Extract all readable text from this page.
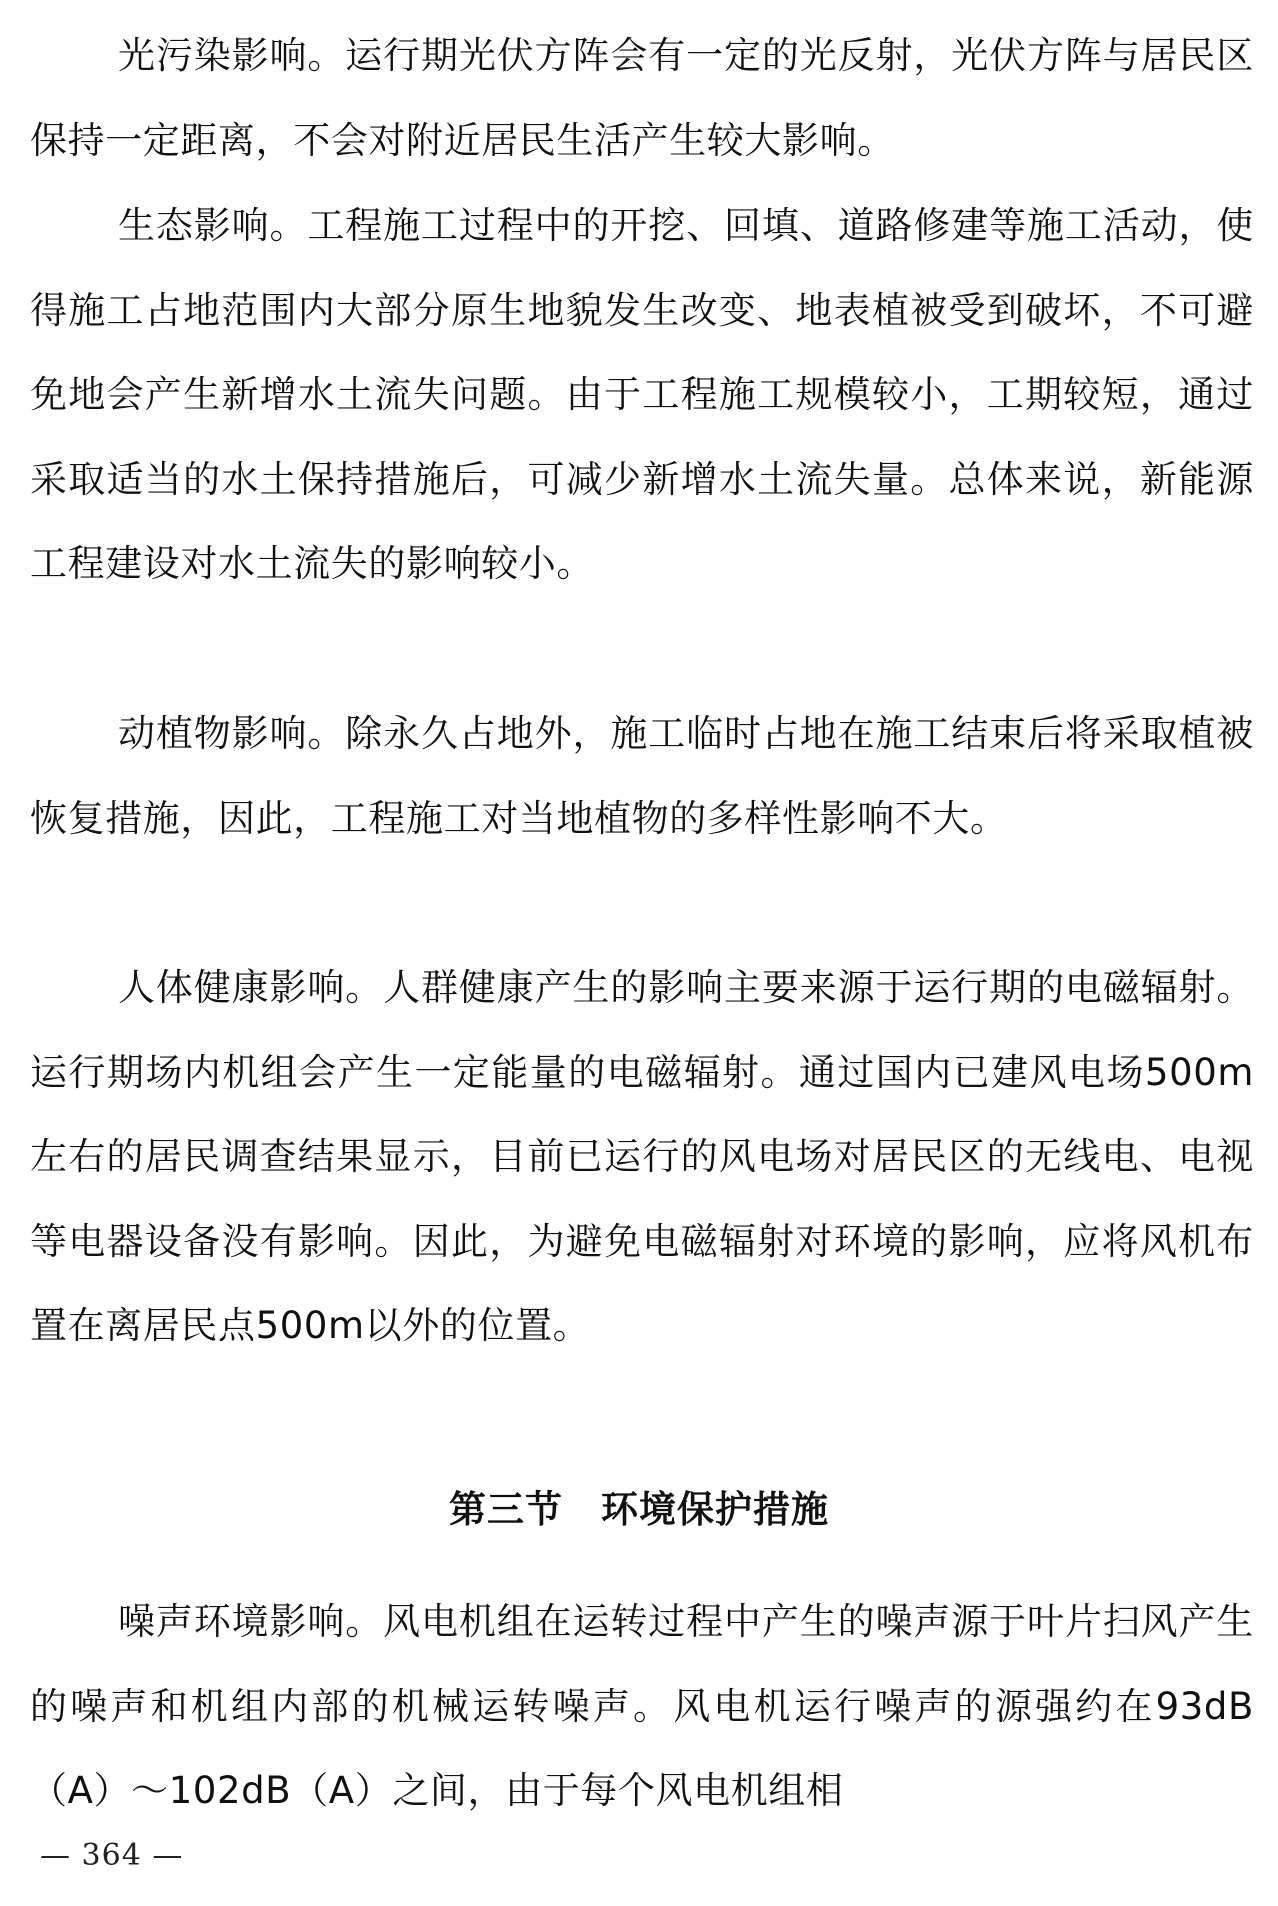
光污染影响。运行期光伏方阵会有一定的光反射，光伏方阵与居民区保持一定距离，不会对附近居民生活产生较大影响。

生态影响。工程施工过程中的开挖、回填、道路修建等施工活动，使得施工占地范围内大部分原生地貌发生改变、地表植被受到破坏，不可避免地会产生新增水土流失问题。由于工程施工规模较小，工期较短，通过采取适当的水土保持措施后，可减少新增水土流失量。总体来说，新能源工程建设对水土流失的影响较小。

动植物影响。除永久占地外，施工临时占地在施工结束后将采取植被恢复措施，因此，工程施工对当地植物的多样性影响不大。

人体健康影响。人群健康产生的影响主要来源于运行期的电磁辐射。运行期场内机组会产生一定能量的电磁辐射。通过国内已建风电场500m左右的居民调查结果显示，目前已运行的风电场对居民区的无线电、电视等电器设备没有影响。因此，为避免电磁辐射对环境的影响，应将风机布置在离居民点500m以外的位置。

第三节　环境保护措施

噪声环境影响。风电机组在运转过程中产生的噪声源于叶片扫风产生的噪声和机组内部的机械运转噪声。风电机运行噪声的源强约在93dB（A）～102dB（A）之间，由于每个风电机组相

— 364 —
